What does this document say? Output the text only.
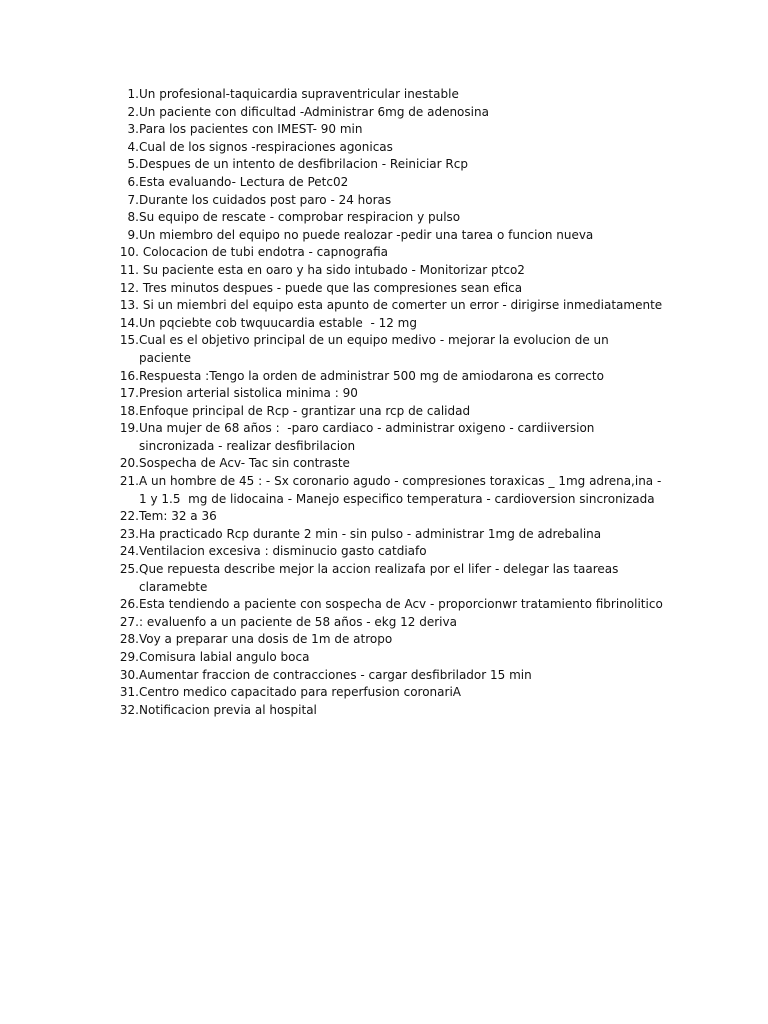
1. Un profesional-taquicardia supraventricular inestable
2. Un paciente con dificultad -Administrar 6mg de adenosina
3. Para los pacientes con IMEST- 90 min
4. Cual de los signos -respiraciones agonicas
5. Despues de un intento de desfibrilacion - Reiniciar Rcp
6. Esta evaluando- Lectura de Petc02
7. Durante los cuidados post paro - 24 horas
8. Su equipo de rescate - comprobar respiracion y pulso
9. Un miembro del equipo no puede realozar -pedir una tarea o funcion nueva
10. Colocacion de tubi endotra - capnografia
11. Su paciente esta en oaro y ha sido intubado - Monitorizar ptco2
12. Tres minutos despues - puede que las compresiones sean efica
13. Si un miembri del equipo esta apunto de comerter un error - dirigirse inmediatamente
14. Un pqciebte cob twquucardia estable  - 12 mg
15. Cual es el objetivo principal de un equipo medivo - mejorar la evolucion de un paciente
16. Respuesta :Tengo la orden de administrar 500 mg de amiodarona es correcto
17. Presion arterial sistolica minima : 90
18. Enfoque principal de Rcp - grantizar una rcp de calidad
19. Una mujer de 68 años :  -paro cardiaco - administrar oxigeno - cardiiversion sincronizada - realizar desfibrilacion
20. Sospecha de Acv- Tac sin contraste
21. A un hombre de 45 : - Sx coronario agudo - compresiones toraxicas _ 1mg adrena,ina - 1 y 1.5  mg de lidocaina - Manejo especifico temperatura - cardioversion sincronizada
22. Tem: 32 a 36
23. Ha practicado Rcp durante 2 min - sin pulso - administrar 1mg de adrebalina
24. Ventilacion excesiva : disminucio gasto catdiafo
25. Que repuesta describe mejor la accion realizafa por el lifer - delegar las taareas claramebte
26. Esta tendiendo a paciente con sospecha de Acv - proporcionwr tratamiento fibrinolitico
27. : evaluenfo a un paciente de 58 años - ekg 12 deriva
28. Voy a preparar una dosis de 1m de atropo
29. Comisura labial angulo boca
30. Aumentar fraccion de contracciones - cargar desfibrilador 15 min
31. Centro medico capacitado para reperfusion coronariA
32. Notificacion previa al hospital
